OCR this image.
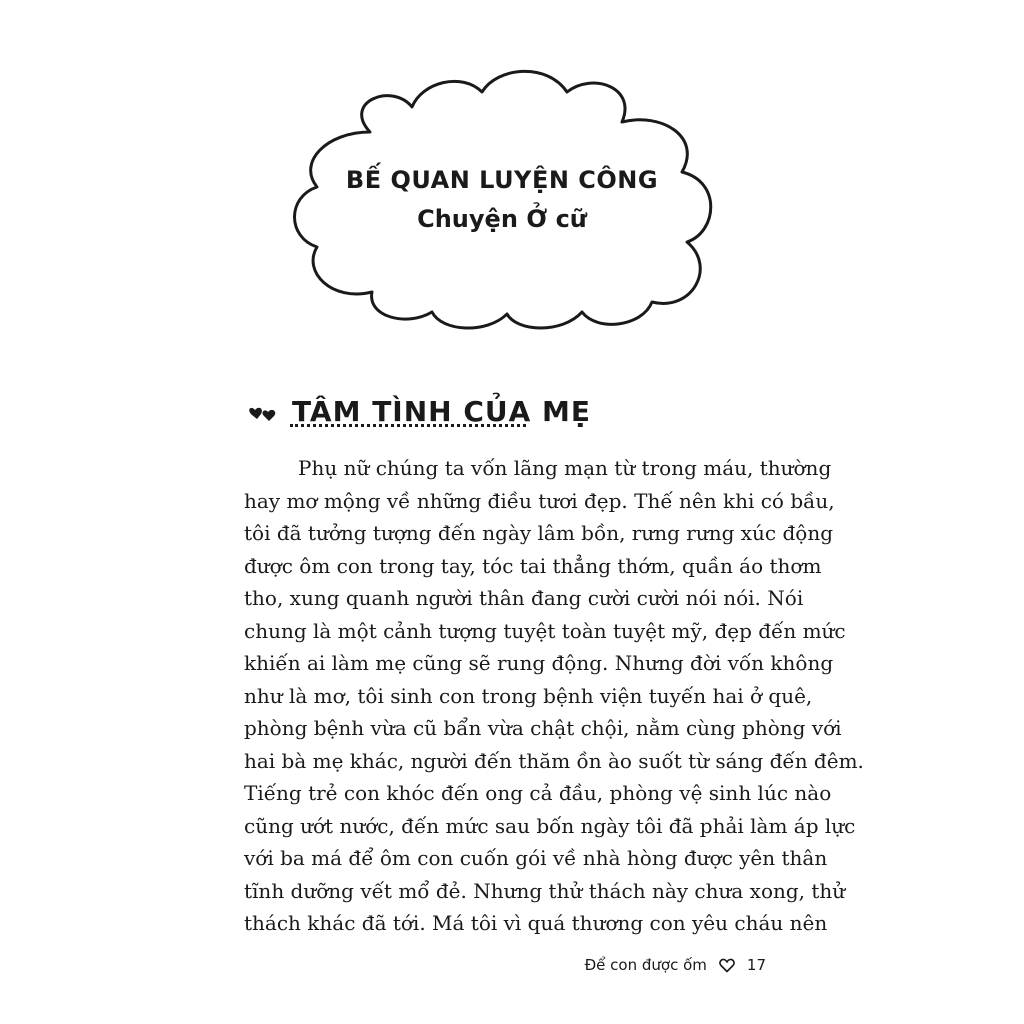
BẾ QUAN LUYỆN CÔNG
Chuyện Ở cữ
TÂM TÌNH CỦA MẸ
Phụ nữ chúng ta vốn lãng mạn từ trong máu, thường
hay mơ mộng về những điều tươi đẹp. Thế nên khi có bầu,
tôi đã tưởng tượng đến ngày lâm bồn, rưng rưng xúc động
được ôm con trong tay, tóc tai thẳng thớm, quần áo thơm
tho, xung quanh người thân đang cười cười nói nói. Nói
chung là một cảnh tượng tuyệt toàn tuyệt mỹ, đẹp đến mức
khiến ai làm mẹ cũng sẽ rung động. Nhưng đời vốn không
như là mơ, tôi sinh con trong bệnh viện tuyến hai ở quê,
phòng bệnh vừa cũ bẩn vừa chật chội, nằm cùng phòng với
hai bà mẹ khác, người đến thăm ồn ào suốt từ sáng đến đêm.
Tiếng trẻ con khóc đến ong cả đầu, phòng vệ sinh lúc nào
cũng ướt nước, đến mức sau bốn ngày tôi đã phải làm áp lực
với ba má để ôm con cuốn gói về nhà hòng được yên thân
tĩnh dưỡng vết mổ đẻ. Nhưng thử thách này chưa xong, thử
thách khác đã tới. Má tôi vì quá thương con yêu cháu nên
Để con được ốm	17
